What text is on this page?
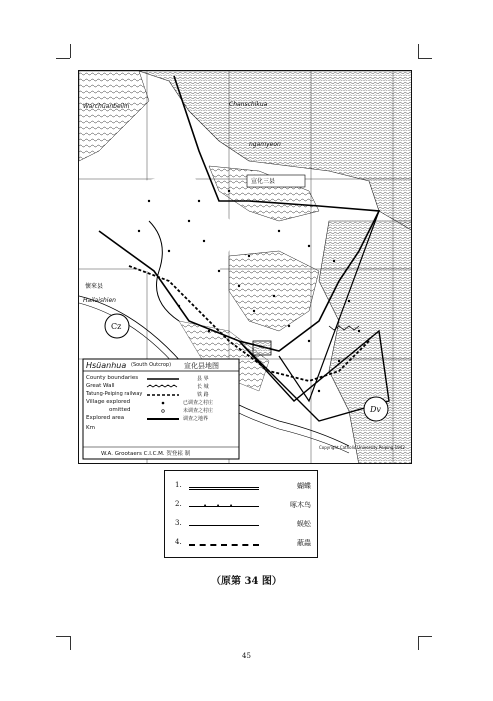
Warchüanbeilin	Chanschikua
ngamyeon
宣化三县
懷來县
Hailaishien
Cz
Dv
Copyright Catholic University Peiping 1942
Hsüanhua (South Outcrop) 宣化县地图
County boundaries	县 界
Great Wall	长 城
Tatung-Peiping railway	铁 路
Village explored	已调查之村庄
omitted	未调查之村庄
Explored area	调查之地界
Km
W.A. Grootaers C.I.C.M. 贺登崧 制
1.	蝴蝶
2.	•    •    •	啄木鸟
3.	蜈蚣
4.	蔽蟲
（原第 34 图）
45
